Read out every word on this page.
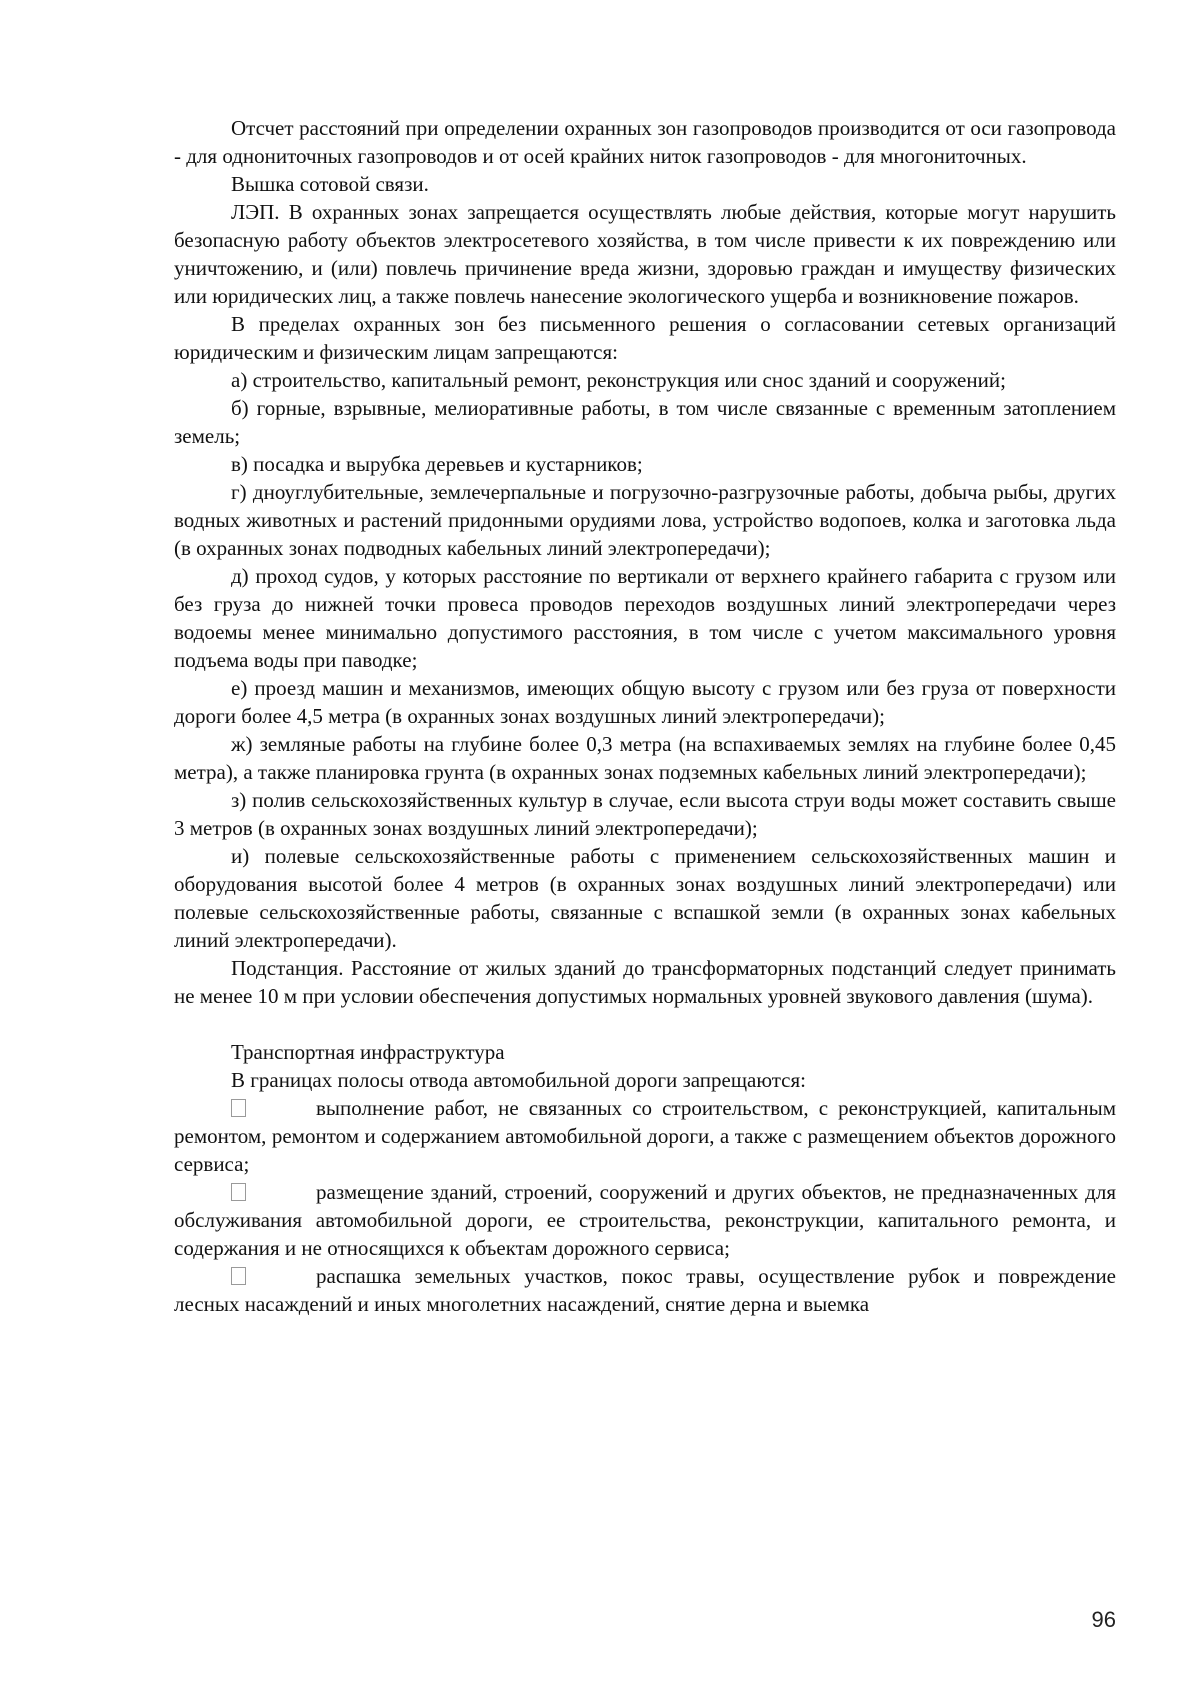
Отсчет расстояний при определении охранных зон газопроводов производится от оси газопровода - для однониточных газопроводов и от осей крайних ниток газопроводов - для многониточных.

Вышка сотовой связи.

ЛЭП. В охранных зонах запрещается осуществлять любые действия, которые могут нарушить безопасную работу объектов электросетевого хозяйства, в том числе привести к их повреждению или уничтожению, и (или) повлечь причинение вреда жизни, здоровью граждан и имуществу физических или юридических лиц, а также повлечь нанесение экологического ущерба и возникновение пожаров.

В пределах охранных зон без письменного решения о согласовании сетевых организаций юридическим и физическим лицам запрещаются:

а) строительство, капитальный ремонт, реконструкция или снос зданий и сооружений;

б) горные, взрывные, мелиоративные работы, в том числе связанные с временным затоплением земель;

в) посадка и вырубка деревьев и кустарников;

г) дноуглубительные, землечерпальные и погрузочно-разгрузочные работы, добыча рыбы, других водных животных и растений придонными орудиями лова, устройство водопоев, колка и заготовка льда (в охранных зонах подводных кабельных линий электропередачи);

д) проход судов, у которых расстояние по вертикали от верхнего крайнего габарита с грузом или без груза до нижней точки провеса проводов переходов воздушных линий электропередачи через водоемы менее минимально допустимого расстояния, в том числе с учетом максимального уровня подъема воды при паводке;

е) проезд машин и механизмов, имеющих общую высоту с грузом или без груза от поверхности дороги более 4,5 метра (в охранных зонах воздушных линий электропередачи);

ж) земляные работы на глубине более 0,3 метра (на вспахиваемых землях на глубине более 0,45 метра), а также планировка грунта (в охранных зонах подземных кабельных линий электропередачи);

з) полив сельскохозяйственных культур в случае, если высота струи воды может составить свыше 3 метров (в охранных зонах воздушных линий электропередачи);

и) полевые сельскохозяйственные работы с применением сельскохозяйственных машин и оборудования высотой более 4 метров (в охранных зонах воздушных линий электропередачи) или полевые сельскохозяйственные работы, связанные с вспашкой земли (в охранных зонах кабельных линий электропередачи).

Подстанция. Расстояние от жилых зданий до трансформаторных подстанций следует принимать не менее 10 м при условии обеспечения допустимых нормальных уровней звукового давления (шума).

Транспортная инфраструктура

В границах полосы отвода автомобильной дороги запрещаются:

выполнение работ, не связанных со строительством, с реконструкцией, капитальным ремонтом, ремонтом и содержанием автомобильной дороги, а также с размещением объектов дорожного сервиса;

размещение зданий, строений, сооружений и других объектов, не предназначенных для обслуживания автомобильной дороги, ее строительства, реконструкции, капитального ремонта, и содержания и не относящихся к объектам дорожного сервиса;

распашка земельных участков, покос травы, осуществление рубок и повреждение лесных насаждений и иных многолетних насаждений, снятие дерна и выемка

96
